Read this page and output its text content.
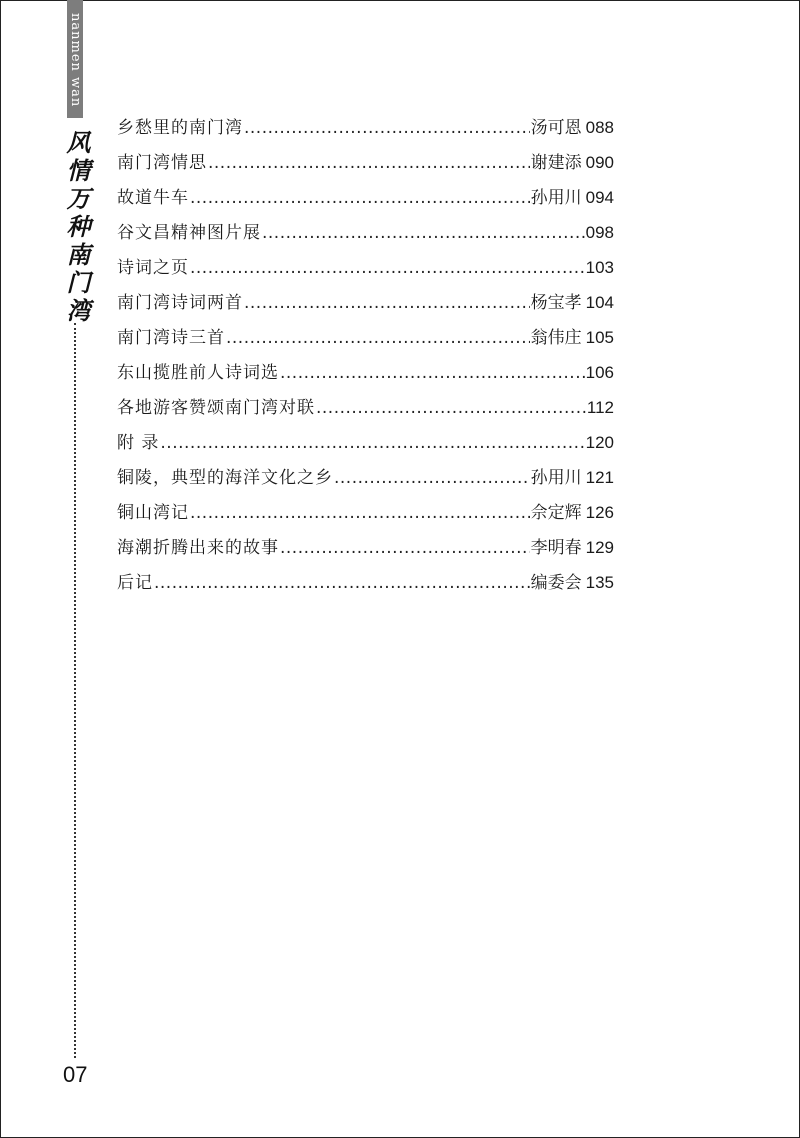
nanmen wan
风情万种南门湾
乡愁里的南门湾 .....	汤可恩 088
南门湾情思 .....	谢建添 090
故道牛车 .....	孙用川 094
谷文昌精神图片展 .....	098
诗词之页 .....	103
南门湾诗词两首 .....	杨宝孝 104
南门湾诗三首 .....	翁伟庄 105
东山揽胜前人诗词选 .....	106
各地游客赞颂南门湾对联 .....	112
附 录 .....	120
铜陵，典型的海洋文化之乡 .....	孙用川 121
铜山湾记 .....	佘定辉 126
海潮折腾出来的故事 .....	李明春 129
后记 .....	编委会 135
07
